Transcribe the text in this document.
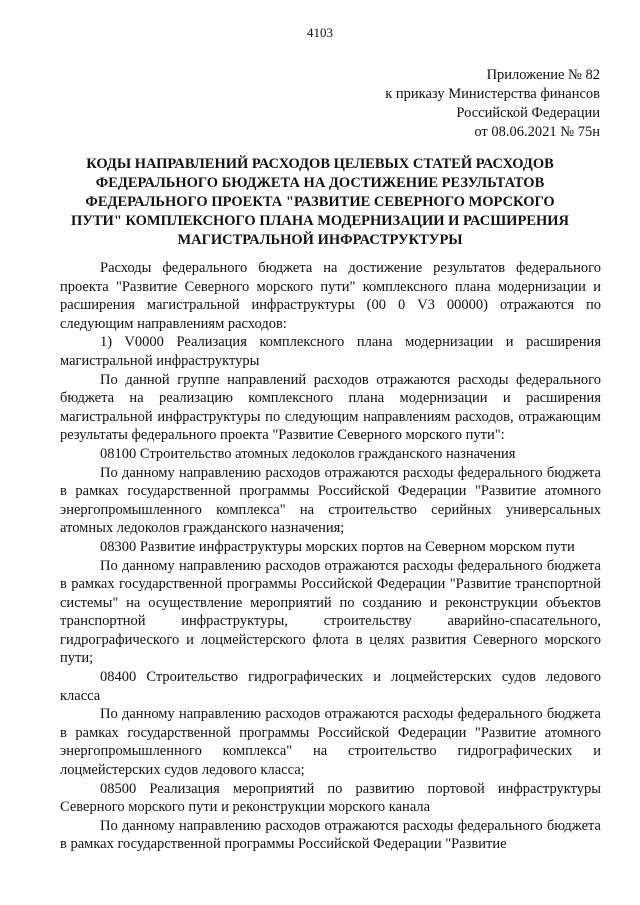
4103
Приложение № 82
к приказу Министерства финансов
Российской Федерации
от 08.06.2021 № 75н
КОДЫ НАПРАВЛЕНИЙ РАСХОДОВ ЦЕЛЕВЫХ СТАТЕЙ РАСХОДОВ ФЕДЕРАЛЬНОГО БЮДЖЕТА НА ДОСТИЖЕНИЕ РЕЗУЛЬТАТОВ ФЕДЕРАЛЬНОГО ПРОЕКТА "РАЗВИТИЕ СЕВЕРНОГО МОРСКОГО ПУТИ" КОМПЛЕКСНОГО ПЛАНА МОДЕРНИЗАЦИИ И РАСШИРЕНИЯ МАГИСТРАЛЬНОЙ ИНФРАСТРУКТУРЫ

Расходы федерального бюджета на достижение результатов федерального проекта "Развитие Северного морского пути" комплексного плана модернизации и расширения магистральной инфраструктуры (00 0 V3 00000) отражаются по следующим направлениям расходов:

1) V0000 Реализация комплексного плана модернизации и расширения магистральной инфраструктуры

По данной группе направлений расходов отражаются расходы федерального бюджета на реализацию комплексного плана модернизации и расширения магистральной инфраструктуры по следующим направлениям расходов, отражающим результаты федерального проекта "Развитие Северного морского пути":

08100 Строительство атомных ледоколов гражданского назначения

По данному направлению расходов отражаются расходы федерального бюджета в рамках государственной программы Российской Федерации "Развитие атомного энергопромышленного комплекса" на строительство серийных универсальных атомных ледоколов гражданского назначения;

08300 Развитие инфраструктуры морских портов на Северном морском пути

По данному направлению расходов отражаются расходы федерального бюджета в рамках государственной программы Российской Федерации "Развитие транспортной системы" на осуществление мероприятий по созданию и реконструкции объектов транспортной инфраструктуры, строительству аварийно-спасательного, гидрографического и лоцмейстерского флота в целях развития Северного морского пути;

08400 Строительство гидрографических и лоцмейстерских судов ледового класса

По данному направлению расходов отражаются расходы федерального бюджета в рамках государственной программы Российской Федерации "Развитие атомного энергопромышленного комплекса" на строительство гидрографических и лоцмейстерских судов ледового класса;

08500 Реализация мероприятий по развитию портовой инфраструктуры Северного морского пути и реконструкции морского канала

По данному направлению расходов отражаются расходы федерального бюджета в рамках государственной программы Российской Федерации "Развитие
